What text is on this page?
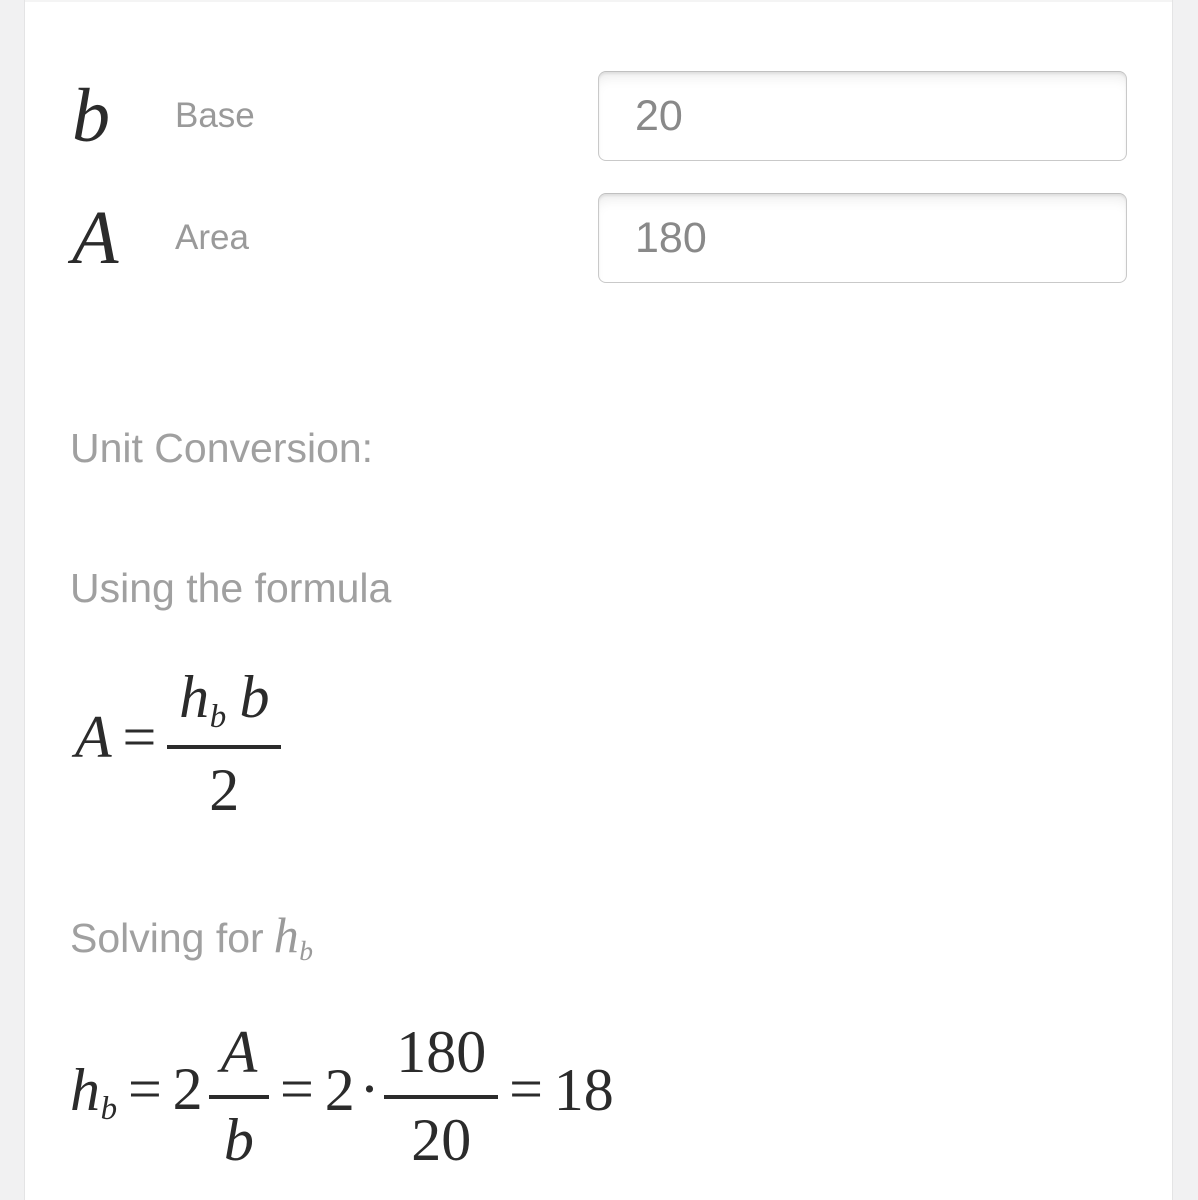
b	Base
20
A	Area
180
Unit Conversion:
Using the formula
$A = \frac{\text{hb b}}{2}$
Solving for hb
hb = $2 \frac{A}{b} = 2\cdot \frac{180}{20} = 18$
